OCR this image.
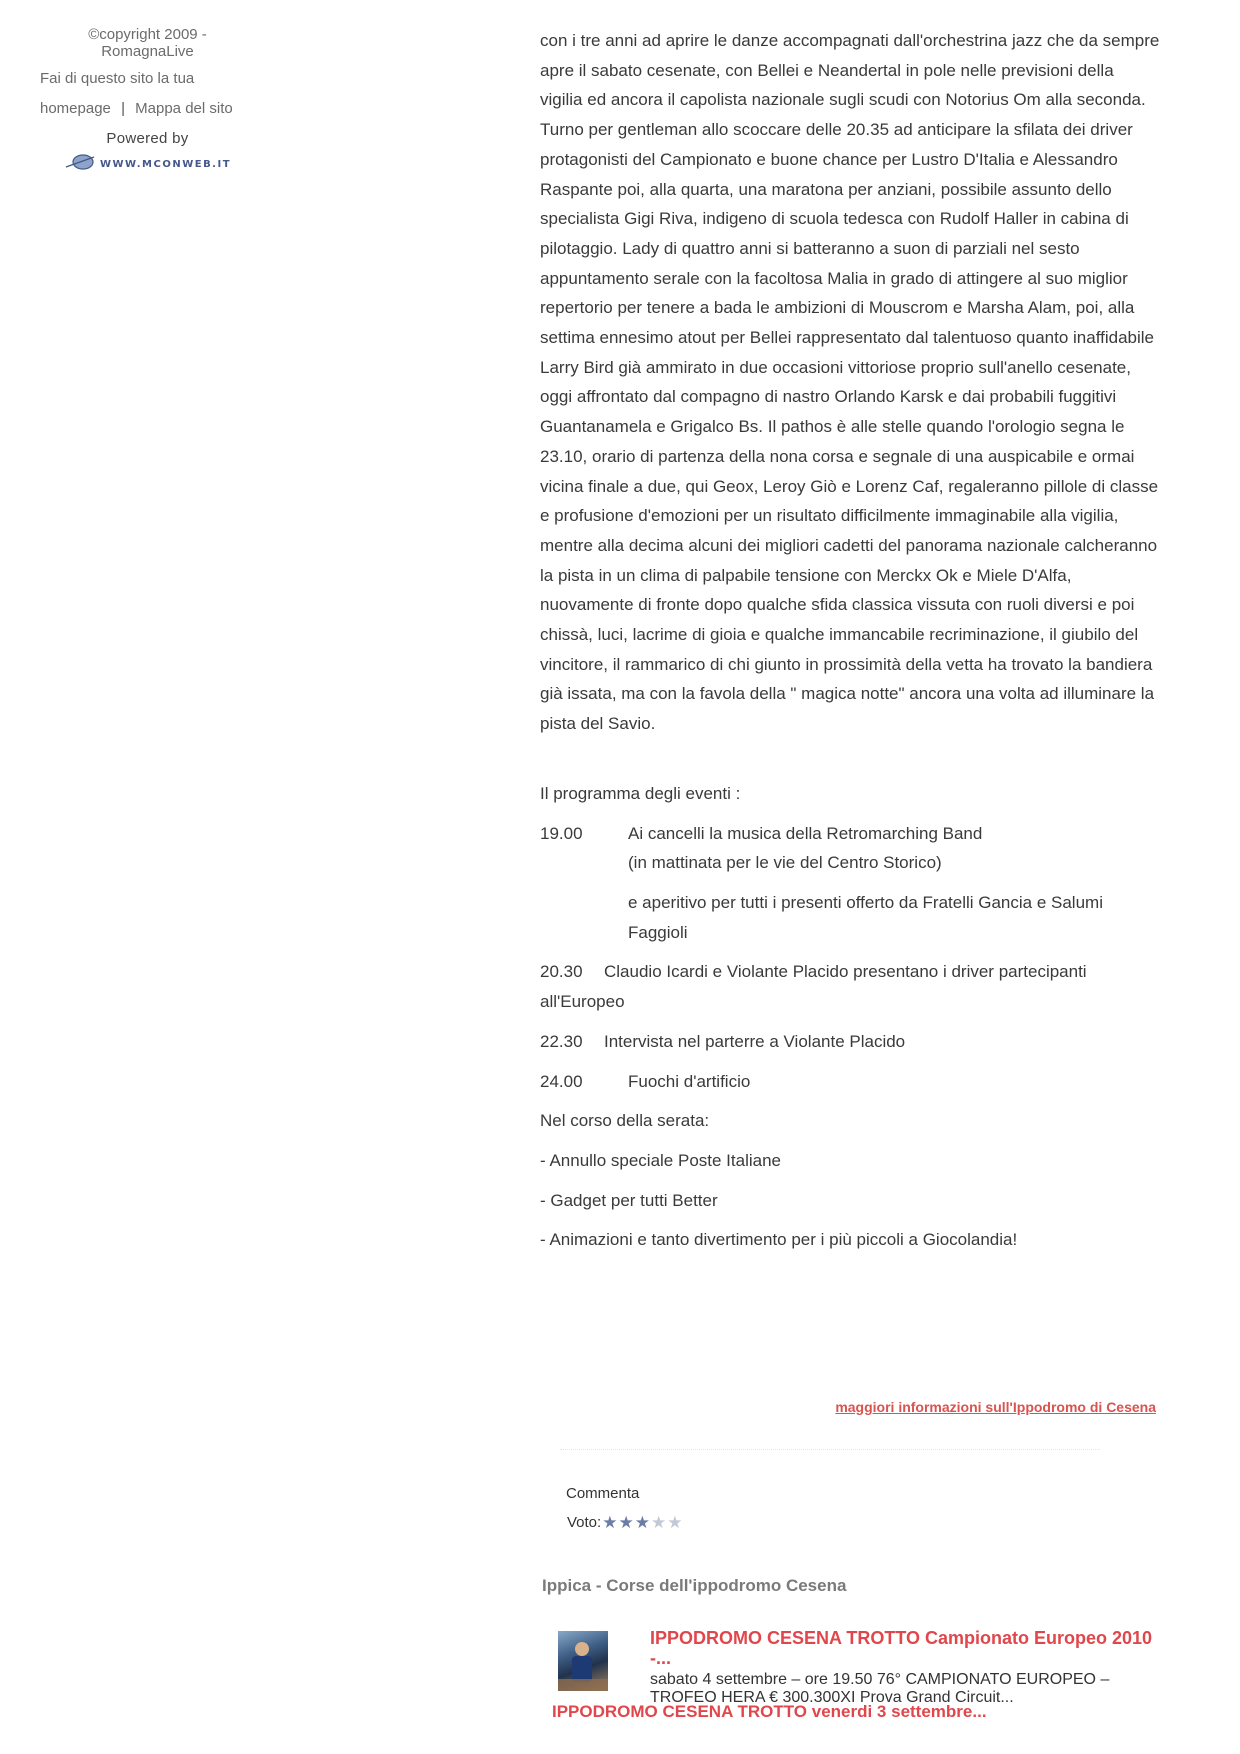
©copyright 2009 -
RomagnaLive
Fai di questo sito la tua homepage | Mappa del sito
Powered by
WWW.MCONWEB.IT
con i tre anni ad aprire le danze accompagnati dall'orchestrina jazz che da sempre apre il sabato cesenate, con Bellei e Neandertal in pole nelle previsioni della vigilia ed ancora il capolista nazionale sugli scudi con Notorius Om alla seconda.
Turno per gentleman allo scoccare delle 20.35 ad anticipare la sfilata dei driver protagonisti del Campionato e buone chance per Lustro D'Italia e Alessandro Raspante poi, alla quarta, una maratona per anziani, possibile assunto dello specialista Gigi Riva, indigeno di scuola tedesca con Rudolf Haller in cabina di pilotaggio. Lady di quattro anni si batteranno a suon di parziali nel sesto appuntamento serale con la facoltosa Malia in grado di attingere al suo miglior repertorio per tenere a bada le ambizioni di Mouscrom e Marsha Alam, poi, alla settima ennesimo atout per Bellei rappresentato dal talentuoso quanto inaffidabile Larry Bird già ammirato in due occasioni vittoriose proprio sull'anello cesenate, oggi affrontato dal compagno di nastro Orlando Karsk e dai probabili fuggitivi Guantanamela e Grigalco Bs. Il pathos è alle stelle quando l'orologio segna le 23.10, orario di partenza della nona corsa e segnale di una auspicabile e ormai vicina finale a due, qui Geox, Leroy Giò e Lorenz Caf, regaleranno pillole di classe e profusione d'emozioni per un risultato difficilmente immaginabile alla vigilia, mentre alla decima alcuni dei migliori cadetti del panorama nazionale calcheranno la pista in un clima di palpabile tensione con Merckx Ok e Miele D'Alfa, nuovamente di fronte dopo qualche sfida classica vissuta con ruoli diversi e poi chissà, luci, lacrime di gioia e qualche immancabile recriminazione, il giubilo del vincitore, il rammarico di chi giunto in prossimità della vetta ha trovato la bandiera già issata, ma con la favola della " magica notte" ancora una volta ad illuminare la pista del Savio.
Il programma degli eventi :
19.00	Ai cancelli la musica della Retromarching Band
(in mattinata per le vie del Centro Storico)
e aperitivo per tutti i presenti offerto da Fratelli Gancia e Salumi Faggioli
20.30 Claudio Icardi e Violante Placido presentano i driver partecipanti all'Europeo
22.30 Intervista nel parterre a Violante Placido
24.00	Fuochi d'artificio
Nel corso della serata:
- Annullo speciale Poste Italiane
- Gadget per tutti Better
- Animazioni e tanto divertimento per i più piccoli a Giocolandia!
maggiori informazioni sull'Ippodromo di Cesena
Commenta
Voto: ★ ★ ★ ★ ★
Ippica - Corse dell'ippodromo Cesena
IPPODROMO CESENA TROTTO Campionato Europeo 2010 -...
sabato 4 settembre – ore 19.50 76° CAMPIONATO EUROPEO – TROFEO HERA € 300.300XI Prova Grand Circuit...
IPPODROMO CESENA TROTTO venerdi 3 settembre...
